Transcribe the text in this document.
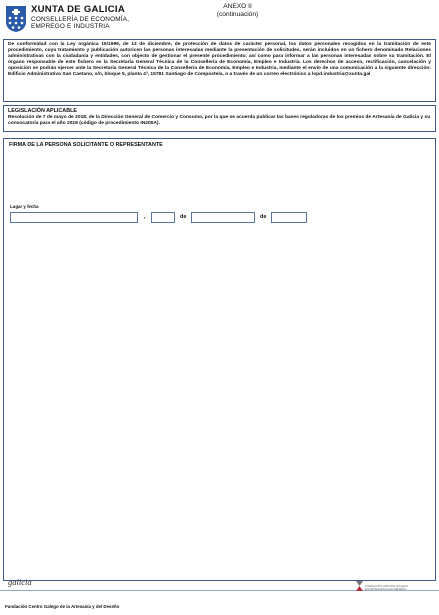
XUNTA DE GALICIA
CONSELLERÍA DE ECONOMÍA,
EMPREGO E INDUSTRIA
ANEXO II
(continuación)
De conformidad con la Ley orgánica 15/1999, de 13 de diciembre, de protección de datos de carácter personal, los datos personales recogidos en la tramitación de este procedimiento, cuyo tratamiento y publicación autoricen las personas interesadas mediante la presentación de solicitudes, serán incluidos en un fichero denominado Relaciones administrativas con la ciudadanía y entidades, con objecto de gestionar el presente procedimiento, así como para informar a las personas interesadas sobre su tramitación. El órgano responsable de este fichero es la Secretaría General Técnica de la Consellería de Economía, Empleo e Industria. Los derechos de acceso, rectificación, cancelación y oposición se podrán ejercer ante la Secretaría General Técnica de la Consellería de Economía, Empleo e Industria, mediante el envío de una comunicación a la siguiente dirección: Edificio Administrativo San Caetano, s/n, bloque 5, planta 4ª, 15781 Santiago de Compostela, o a través de un correo electrónico a lopd.industria@xunta.gal
LEGISLACIÓN APLICABLE
Resolución de 7 de mayo de 2018, de la Dirección General de Comercio y Consumo, por la que se acuerda publicar las bases reguladoras de los premios de Artesanía de Galicia y su convocatoria para el año 2018 (código de procedimiento IN200A).
FIRMA DE LA PERSONA SOLICITANTE O REPRESENTANTE
Lugar y fecha
,	de	de
galicia	FUNDACIÓN CENTRO GALEGO
DA ARTESANÍA E DO DESEÑO
Fundación Centro Galego de la Artesanía y del Deseño
